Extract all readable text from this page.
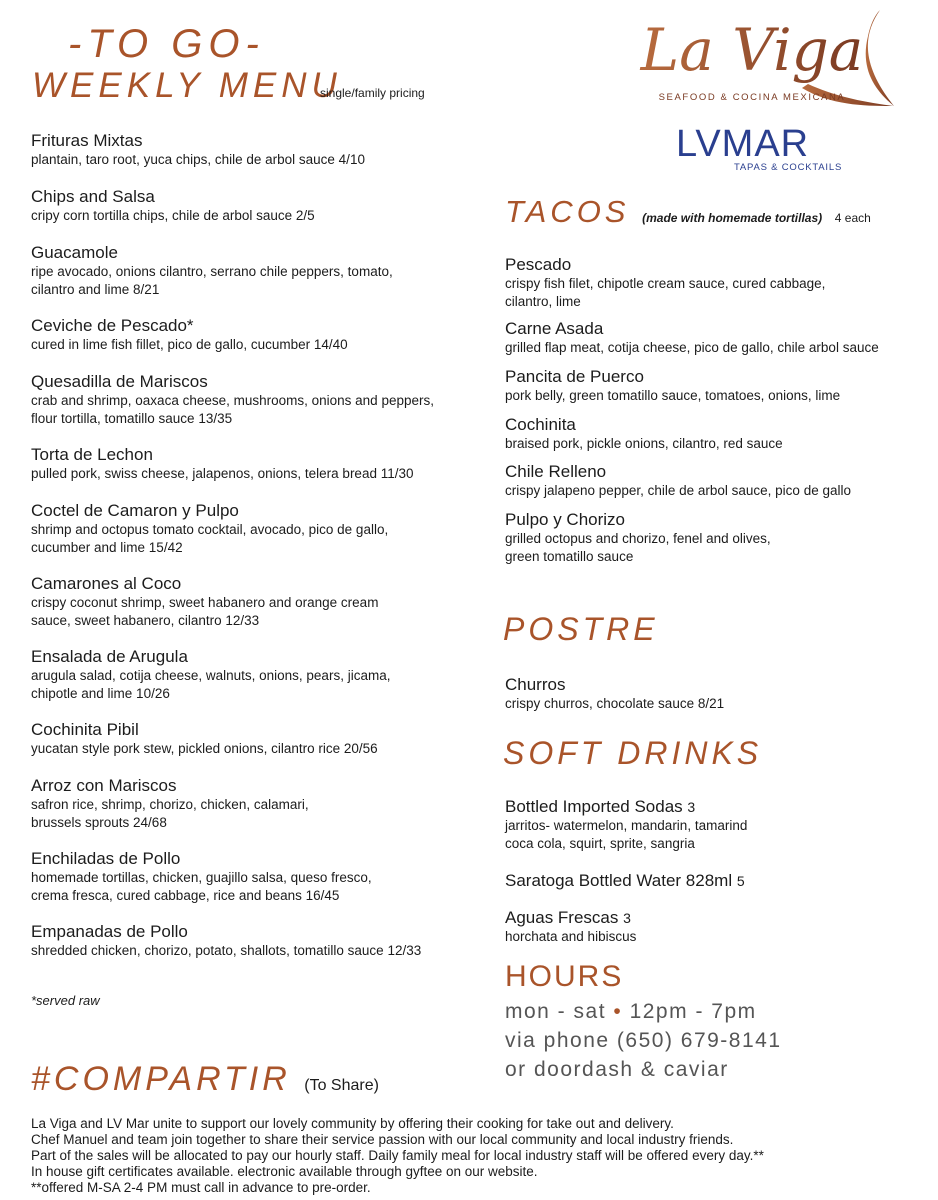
-TO GO-
WEEKLY MENU
single/family pricing
La Viga
SEAFOOD & COCINA MEXICANA
LVMAR
TAPAS & COCKTAILS
Frituras Mixtas
plantain, taro root, yuca chips, chile de arbol sauce 4/10
Chips and Salsa
cripy corn tortilla chips, chile de arbol sauce 2/5
Guacamole
ripe avocado, onions cilantro, serrano chile peppers, tomato,
cilantro and lime 8/21
Ceviche de Pescado*
cured in lime fish fillet, pico de gallo, cucumber 14/40
Quesadilla de Mariscos
crab and shrimp, oaxaca cheese, mushrooms, onions and peppers,
flour tortilla, tomatillo sauce 13/35
Torta de Lechon
pulled pork, swiss cheese, jalapenos, onions, telera bread 11/30
Coctel de Camaron y Pulpo
shrimp and octopus tomato cocktail, avocado, pico de gallo,
cucumber and lime 15/42
Camarones al Coco
crispy coconut shrimp, sweet habanero and orange cream
sauce, sweet habanero, cilantro 12/33
Ensalada de Arugula
arugula salad, cotija cheese, walnuts, onions, pears, jicama,
chipotle and lime 10/26
Cochinita Pibil
yucatan style pork stew, pickled onions, cilantro rice 20/56
Arroz con Mariscos
safron rice, shrimp, chorizo, chicken, calamari,
brussels sprouts 24/68
Enchiladas de Pollo
homemade tortillas, chicken, guajillo salsa, queso fresco,
crema fresca, cured cabbage, rice and beans 16/45
Empanadas de Pollo
shredded chicken, chorizo, potato, shallots, tomatillo sauce 12/33
*served raw
TACOS (made with homemade tortillas) 4 each
Pescado
crispy fish filet, chipotle cream sauce, cured cabbage,
cilantro, lime
Carne Asada
grilled flap meat, cotija cheese, pico de gallo, chile arbol sauce
Pancita de Puerco
pork belly, green tomatillo sauce, tomatoes, onions, lime
Cochinita
braised pork, pickle onions, cilantro, red sauce
Chile Relleno
crispy jalapeno pepper, chile de arbol sauce, pico de gallo
Pulpo y Chorizo
grilled octopus and chorizo, fenel and olives,
green tomatillo sauce
POSTRE
Churros
crispy churros, chocolate sauce 8/21
SOFT DRINKS
Bottled Imported Sodas 3
jarritos- watermelon, mandarin, tamarind
coca cola, squirt, sprite, sangria
Saratoga Bottled Water 828ml 5
Aguas Frescas 3
horchata and hibiscus
HOURS
mon - sat • 12pm - 7pm
via phone (650) 679-8141
or doordash & caviar
#COMPARTIR (To Share)
La Viga and LV Mar unite to support our lovely community by offering their cooking for take out and delivery.
Chef Manuel and team join together to share their service passion with our local community and local industry friends.
Part of the sales will be allocated to pay our hourly staff. Daily family meal for local industry staff will be offered every day.**
In house gift certificates available. electronic available through gyftee on our website.
**offered M-SA 2-4 PM must call in advance to pre-order.
